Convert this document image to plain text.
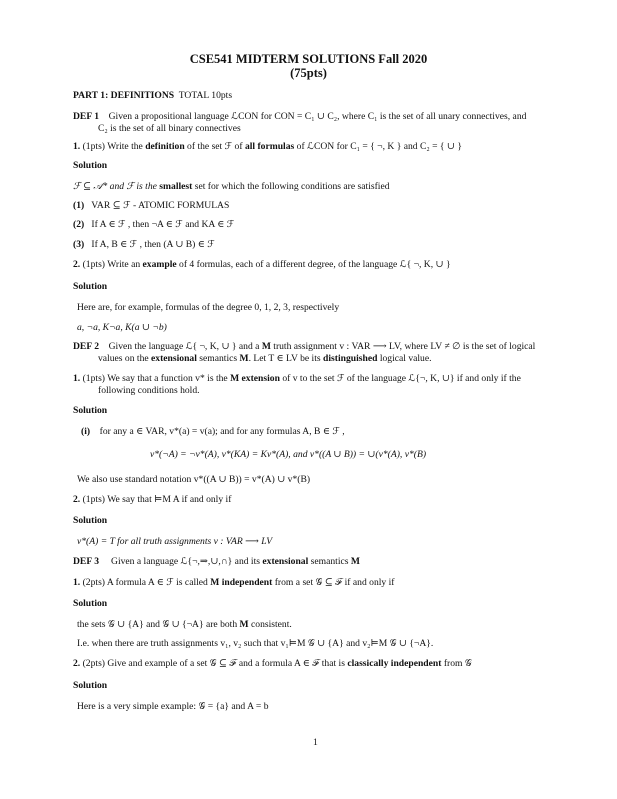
CSE541 MIDTERM SOLUTIONS Fall 2020
(75pts)
PART 1: DEFINITIONS TOTAL 10pts
DEF 1 Given a propositional language ℒCON for CON = C₁ ∪ C₂, where C₁ is the set of all unary connectives, and
C₂ is the set of all binary connectives
1. (1pts) Write the definition of the set ℱ of all formulas of ℒCON for C₁ = { ¬, K } and C₂ = { ∪ }
Solution
ℱ ⊆ 𝒜* and ℱ is the smallest set for which the following conditions are satisfied
(1) VAR ⊆ ℱ - ATOMIC FORMULAS
(2) If A ∈ ℱ , then ¬A ∈ ℱ and KA ∈ ℱ
(3) If A, B ∈ ℱ , then (A ∪ B) ∈ ℱ
2. (1pts) Write an example of 4 formulas, each of a different degree, of the language ℒ{ ¬, K, ∪ }
Solution
Here are, for example, formulas of the degree 0, 1, 2, 3, respectively
a, ¬a, K¬a, K(a ∪ ¬b)
DEF 2 Given the language ℒ{ ¬, K, ∪ } and a M truth assignment v : VAR ⟶ LV, where LV ≠ ∅ is the set of logical
values on the extensional semantics M. Let T ∈ LV be its distinguished logical value.
1. (1pts) We say that a function v* is the M extension of v to the set ℱ of the language ℒ{¬, K, ∪} if and only if the
following conditions hold.
Solution
(i) for any a ∈ VAR, v*(a) = v(a); and for any formulas A, B ∈ ℱ ,
v*(¬A) = ¬v*(A), v*(KA) = Kv*(A), and v*((A ∪ B)) = ∪(v*(A), v*(B)
We also use standard notation v*((A ∪ B)) = v*(A) ∪ v*(B)
2. (1pts) We say that ⊨M A if and only if
Solution
v*(A) = T for all truth assignments v : VAR ⟶ LV
DEF 3 Given a language ℒ{¬,⇒,∪,∩} and its extensional semantics M
1. (2pts) A formula A ∈ ℱ is called M independent from a set 𝒢 ⊆ ℱ if and only if
Solution
the sets 𝒢 ∪ {A} and 𝒢 ∪ {¬A} are both M consistent.
I.e. when there are truth assignments v₁, v₂ such that v₁⊨M 𝒢 ∪ {A} and v₂⊨M 𝒢 ∪ {¬A}.
2. (2pts) Give and example of a set 𝒢 ⊆ ℱ and a formula A ∈ ℱ that is classically independent from 𝒢
Solution
Here is a very simple example: 𝒢 = {a} and A = b
1
